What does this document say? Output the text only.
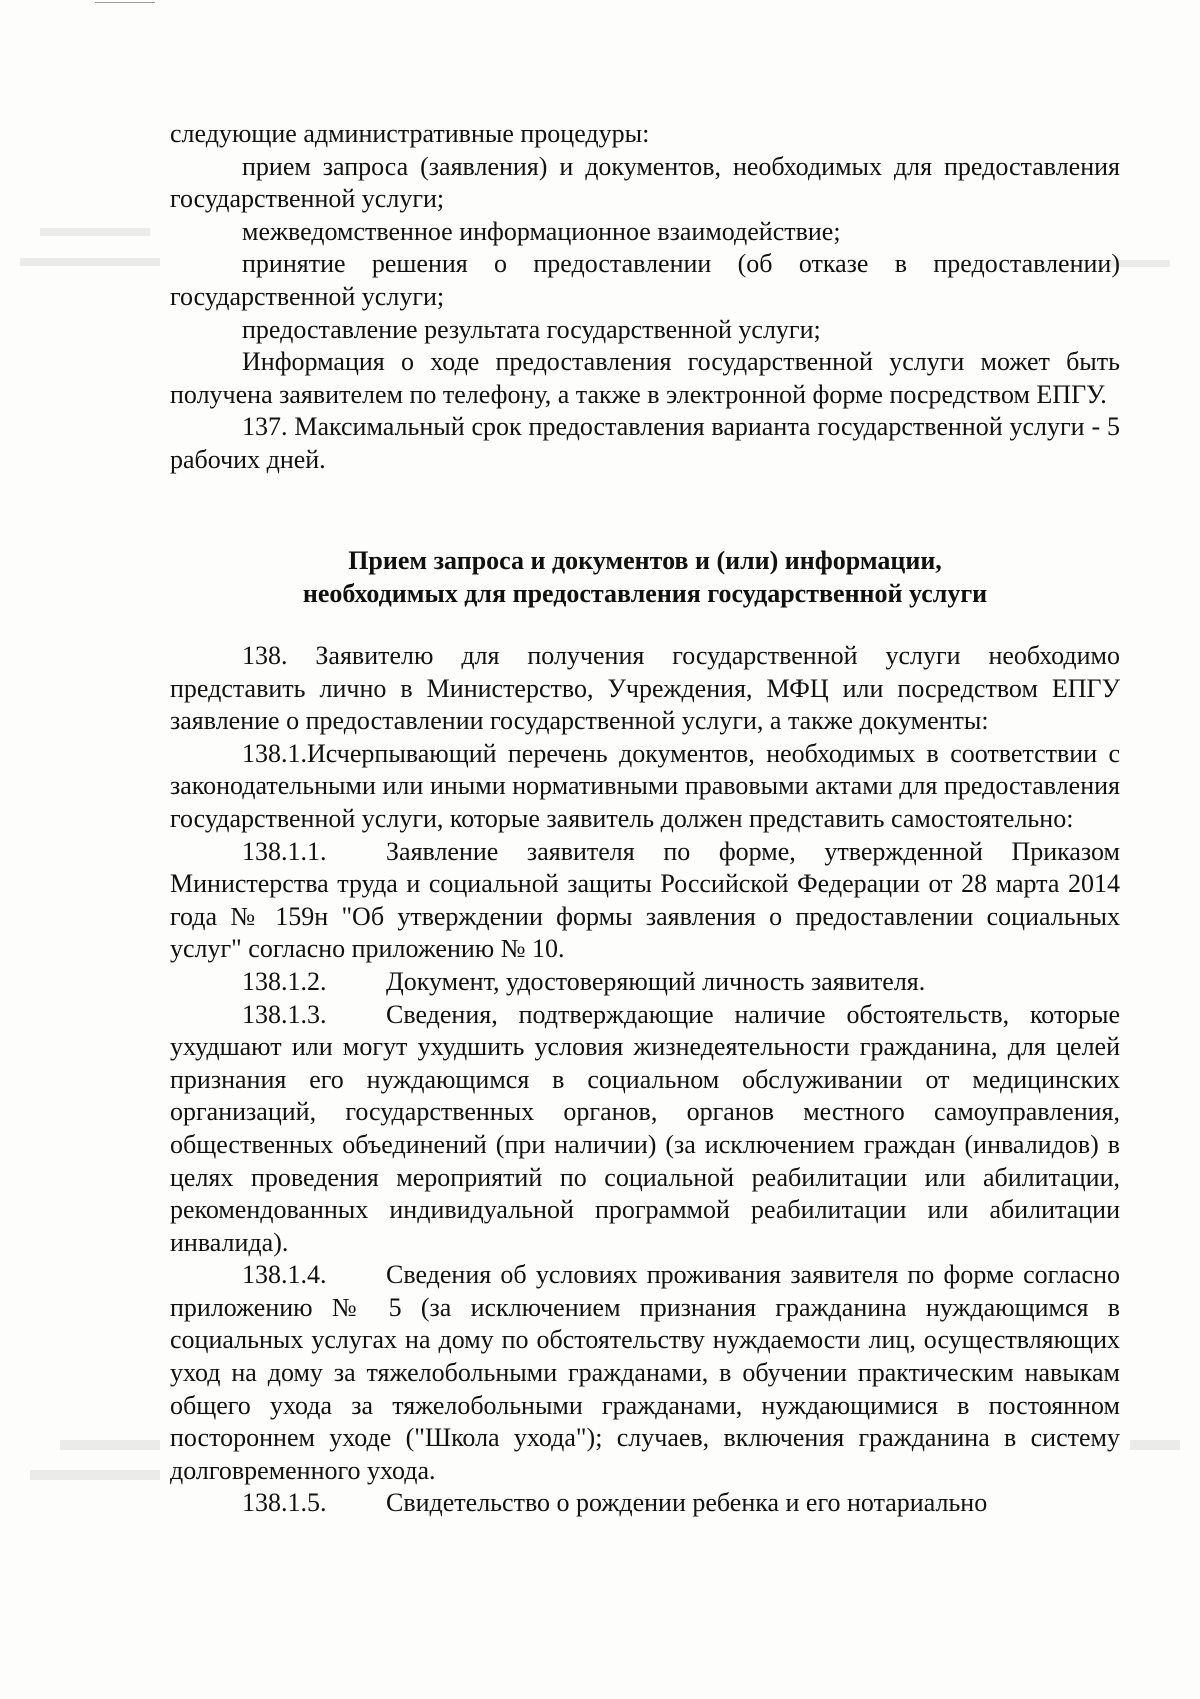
следующие административные процедуры:

прием запроса (заявления) и документов, необходимых для предоставления государственной услуги;

межведомственное информационное взаимодействие;

принятие решения о предоставлении (об отказе в предоставлении) государственной услуги;

предоставление результата государственной услуги;

Информация о ходе предоставления государственной услуги может быть получена заявителем по телефону, а также в электронной форме посредством ЕПГУ.

137. Максимальный срок предоставления варианта государственной услуги - 5 рабочих дней.

Прием запроса и документов и (или) информации,

необходимых для предоставления государственной услуги

138. Заявителю для получения государственной услуги необходимо представить лично в Министерство, Учреждения, МФЦ или посредством ЕПГУ заявление о предоставлении государственной услуги, а также документы:

138.1.Исчерпывающий перечень документов, необходимых в соответствии с законодательными или иными нормативными правовыми актами для предоставления государственной услуги, которые заявитель должен представить самостоятельно:

138.1.1. Заявление заявителя по форме, утвержденной Приказом Министерства труда и социальной защиты Российской Федерации от 28 марта 2014 года № 159н "Об утверждении формы заявления о предоставлении социальных услуг" согласно приложению № 10.

138.1.2. Документ, удостоверяющий личность заявителя.

138.1.3. Сведения, подтверждающие наличие обстоятельств, которые ухудшают или могут ухудшить условия жизнедеятельности гражданина, для целей признания его нуждающимся в социальном обслуживании от медицинских организаций, государственных органов, органов местного самоуправления, общественных объединений (при наличии) (за исключением граждан (инвалидов) в целях проведения мероприятий по социальной реабилитации или абилитации, рекомендованных индивидуальной программой реабилитации или абилитации инвалида).

138.1.4. Сведения об условиях проживания заявителя по форме согласно приложению № 5 (за исключением признания гражданина нуждающимся в социальных услугах на дому по обстоятельству нуждаемости лиц, осуществляющих уход на дому за тяжелобольными гражданами, в обучении практическим навыкам общего ухода за тяжелобольными гражданами, нуждающимися в постоянном постороннем уходе ("Школа ухода"); случаев, включения гражданина в систему долговременного ухода.

138.1.5. Свидетельство о рождении ребенка и его нотариально
